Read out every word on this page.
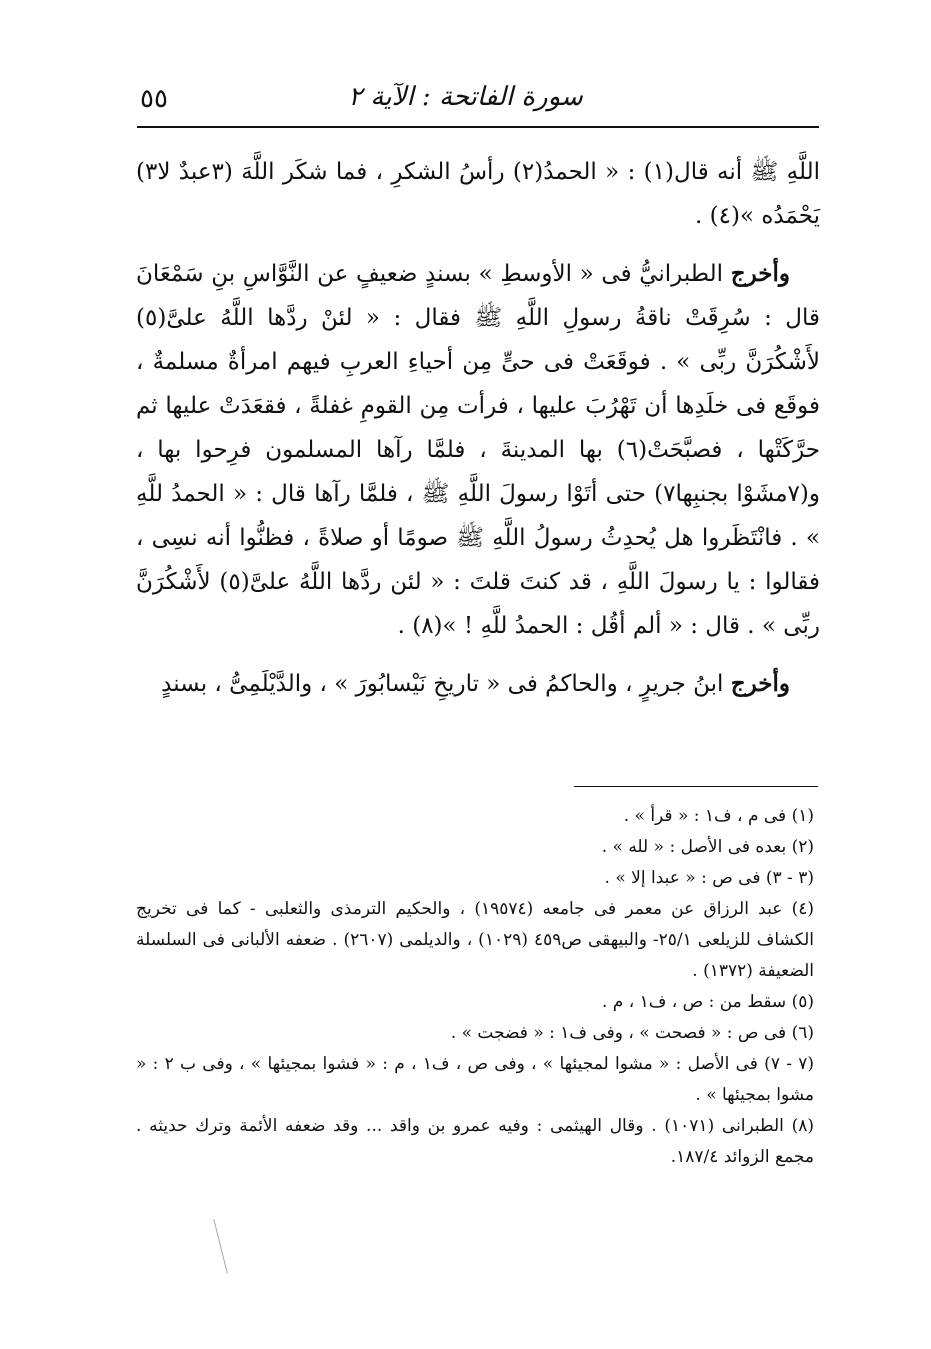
٥٥	سورة الفاتحة : الآية ٢

اللَّهِ ﷺ أنه قال(١) : « الحمدُ(٢) رأسُ الشكرِ ، فما شكَر اللَّهَ (٣عبدٌ لا٣) يَحْمَدُه »(٤) .

وأخرج الطبرانيُّ فى « الأوسطِ » بسندٍ ضعيفٍ عن النَّوَّاسِ بنِ سَمْعَانَ قال : سُرِقَتْ ناقةُ رسولِ اللَّهِ ﷺ فقال : « لئنْ ردَّها اللَّهُ علىَّ(٥) لأَشْكُرَنَّ ربِّى » . فوقَعَتْ فى حىٍّ مِن أحياءِ العربِ فيهم امرأةٌ مسلمةٌ ، فوقَع فى خلَدِها أن تَهْرُبَ عليها ، فرأت مِن القومِ غفلةً ، فقعَدَتْ عليها ثم حرَّكَتْها ، فصبَّحَتْ(٦) بها المدينةَ ، فلمَّا رآها المسلمون فرِحوا بها ، و(٧مشَوْا بجنبِها٧) حتى أتَوْا رسولَ اللَّهِ ﷺ ، فلمَّا رآها قال : « الحمدُ للَّهِ » . فانْتَظَروا هل يُحدِثُ رسولُ اللَّهِ ﷺ صومًا أو صلاةً ، فظنُّوا أنه نسِى ، فقالوا : يا رسولَ اللَّهِ ، قد كنتَ قلتَ : « لئن ردَّها اللَّهُ علىَّ(٥) لأَشْكُرَنَّ ربِّى » . قال : « ألم أقُل : الحمدُ للَّهِ ! »(٨) .

وأخرج ابنُ جريرٍ ، والحاكمُ فى « تاريخِ نَيْسابُورَ » ، والدَّيْلَمِىُّ ، بسندٍ

(١) فى م ، ف١ : « قرأ » .

(٢) بعده فى الأصل : « لله » .

(٣ - ٣) فى ص : « عبدا إلا » .

(٤) عبد الرزاق عن معمر فى جامعه (١٩٥٧٤) ، والحكيم الترمذى والثعلبى - كما فى تخريج الكشاف للزيلعى ٢٥/١- والبيهقى ص٤٥٩ (١٠٢٩) ، والديلمى (٢٦٠٧) . ضعفه الألبانى فى السلسلة الضعيفة (١٣٧٢) .

(٥) سقط من : ص ، ف١ ، م .

(٦) فى ص : « فصحت » ، وفى ف١ : « فضجت » .

(٧ - ٧) فى الأصل : « مشوا لمجيئها » ، وفى ص ، ف١ ، م : « فشوا بمجيئها » ، وفى ب ٢ : « مشوا بمجيئها » .

(٨) الطبرانى (١٠٧١) . وقال الهيثمى : وفيه عمرو بن واقد ... وقد ضعفه الأئمة وترك حديثه . مجمع الزوائد ١٨٧/٤.
